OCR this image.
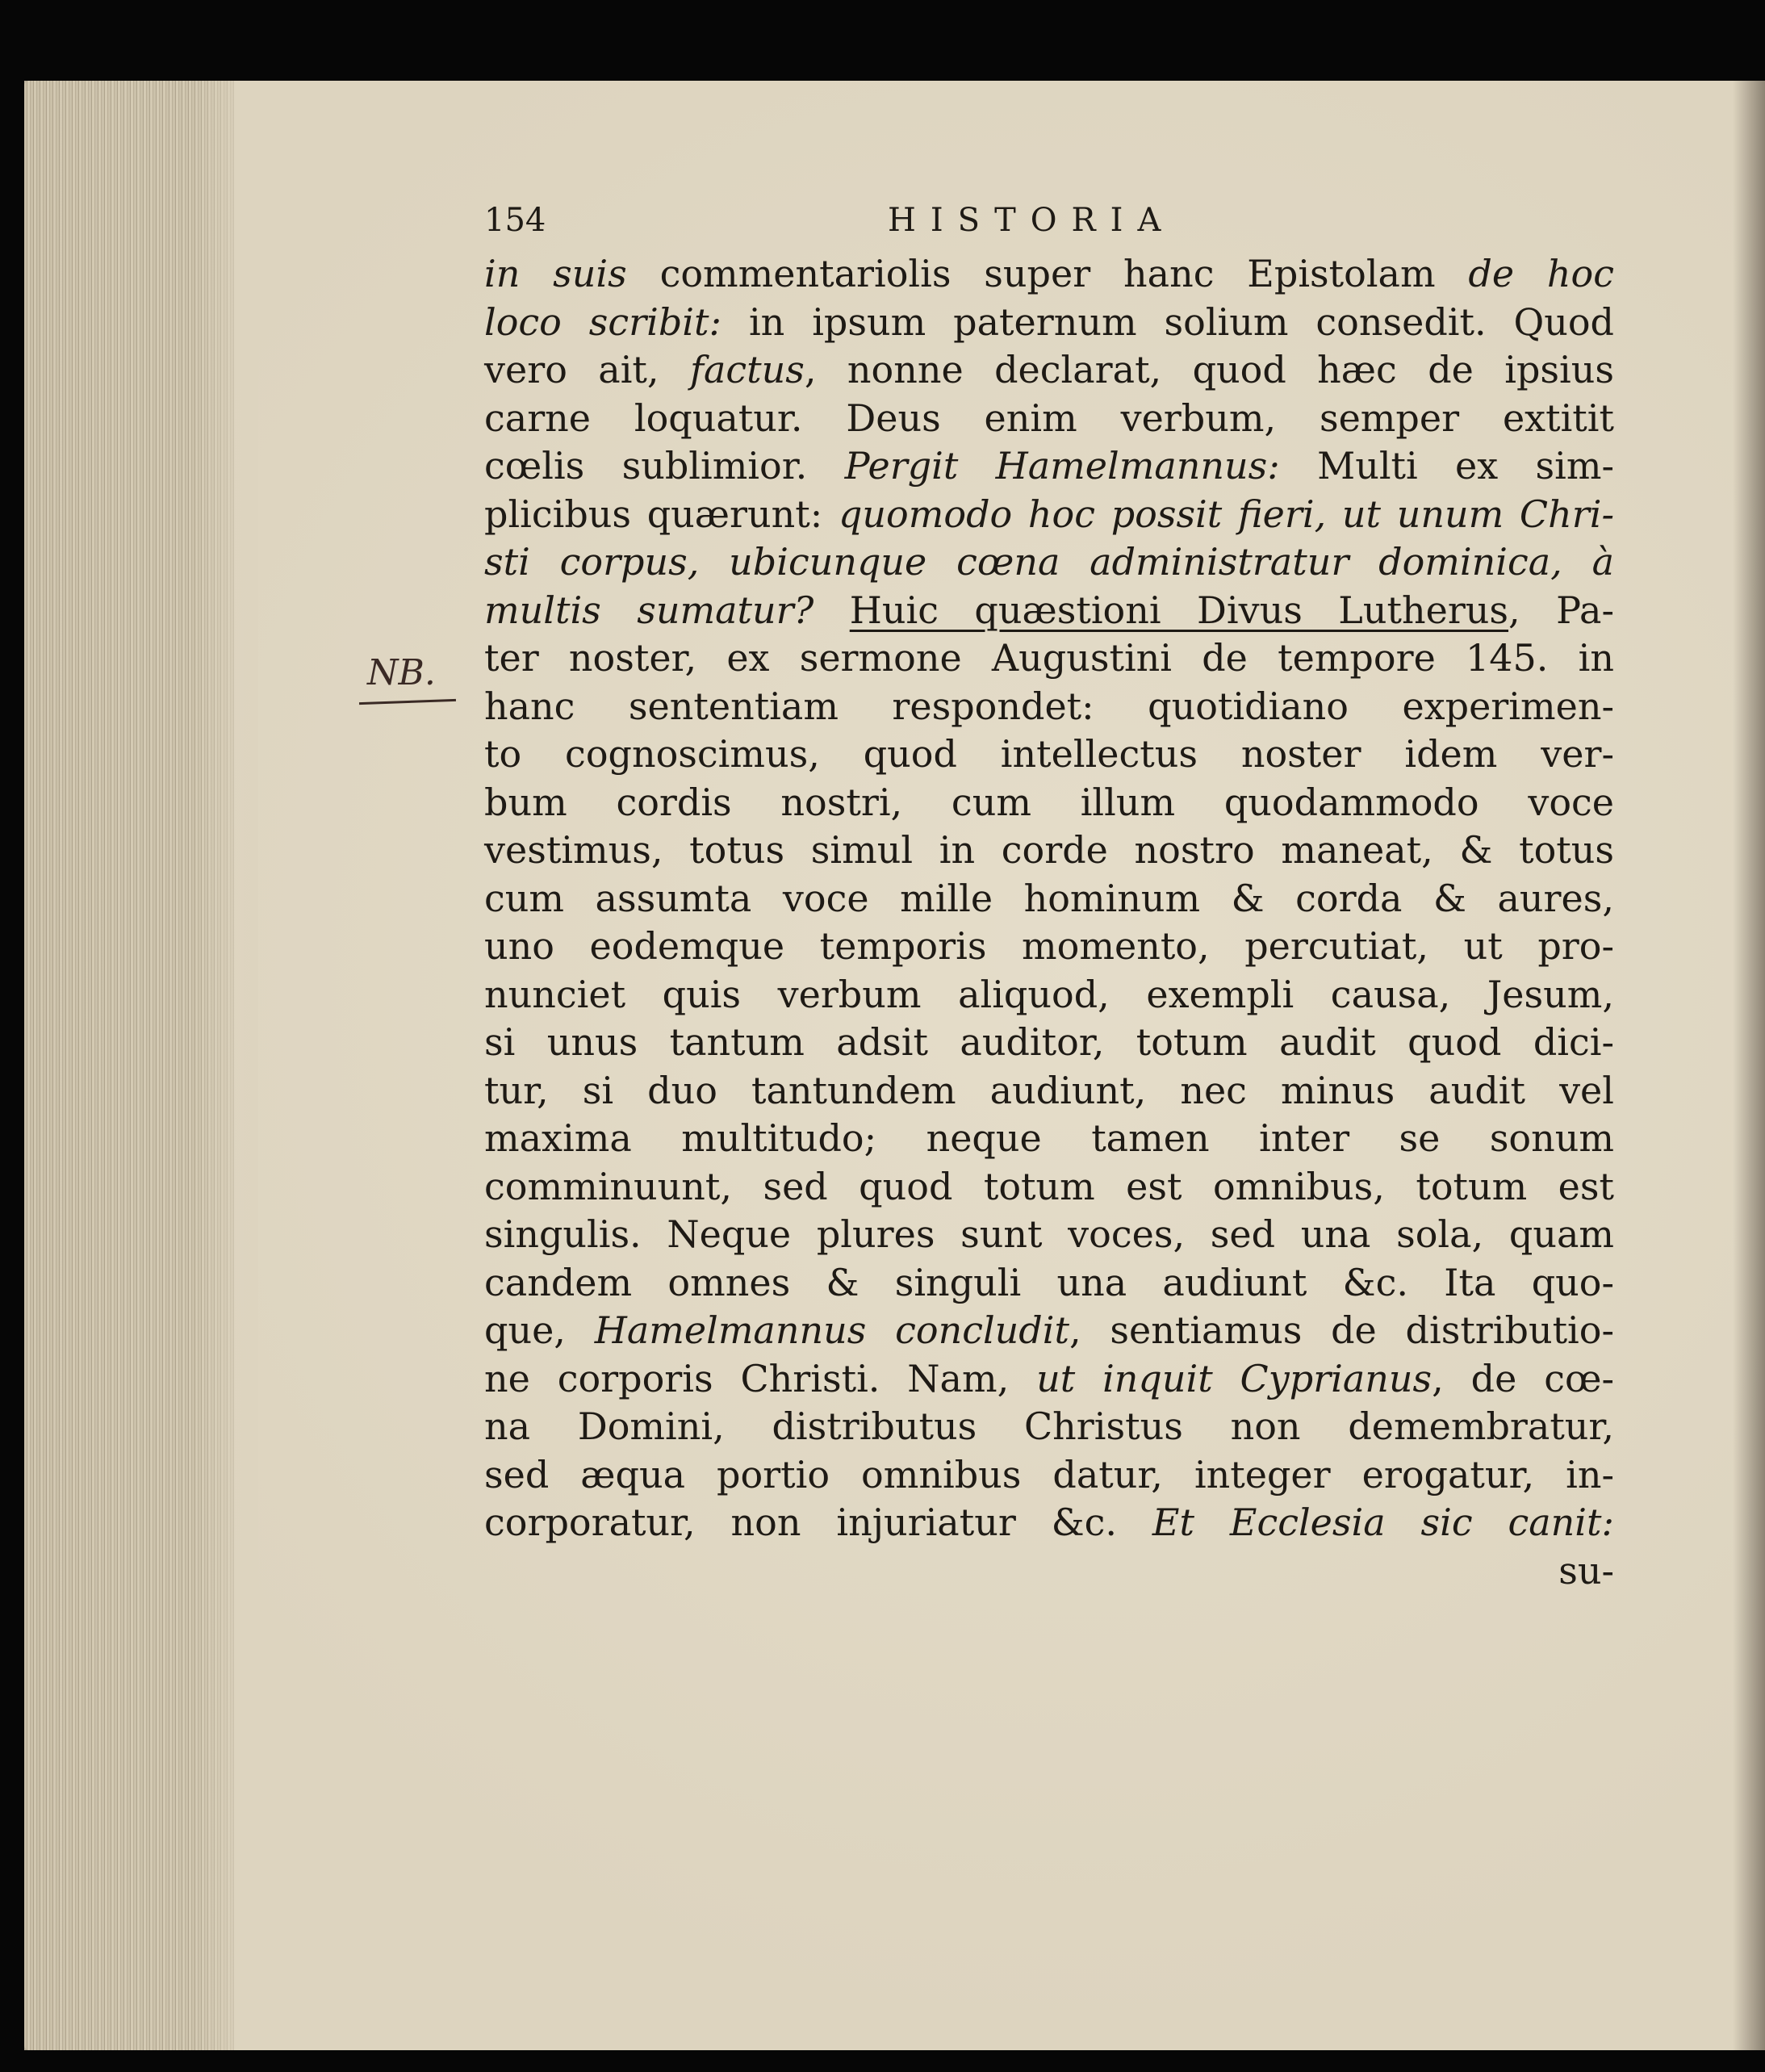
NB.
154	HISTORIA
in suis commentariolis super hanc Epistolam de hoc
loco scribit: in ipsum paternum solium consedit. Quod
vero ait, factus, nonne declarat, quod hæc de ipsius
carne loquatur. Deus enim verbum, semper extitit
cœlis sublimior. Pergit Hamelmannus: Multi ex sim-
plicibus quærunt: quomodo hoc possit fieri, ut unum Chri-
sti corpus, ubicunque cœna administratur dominica, à
multis sumatur? Huic quæstioni Divus Lutherus, Pa-
ter noster, ex sermone Augustini de tempore 145. in
hanc sententiam respondet: quotidiano experimen-
to cognoscimus, quod intellectus noster idem ver-
bum cordis nostri, cum illum quodammodo voce
vestimus, totus simul in corde nostro maneat, & totus
cum assumta voce mille hominum & corda & aures,
uno eodemque temporis momento, percutiat, ut pro-
nunciet quis verbum aliquod, exempli causa, Jesum,
si unus tantum adsit auditor, totum audit quod dici-
tur, si duo tantundem audiunt, nec minus audit vel
maxima multitudo; neque tamen inter se sonum
comminuunt, sed quod totum est omnibus, totum est
singulis. Neque plures sunt voces, sed una sola, quam
candem omnes & singuli una audiunt &c. Ita quo-
que, Hamelmannus concludit, sentiamus de distributio-
ne corporis Christi. Nam, ut inquit Cyprianus, de cœ-
na Domini, distributus Christus non demembratur,
sed æqua portio omnibus datur, integer erogatur, in-
corporatur, non injuriatur &c. Et Ecclesia sic canit:
su-
